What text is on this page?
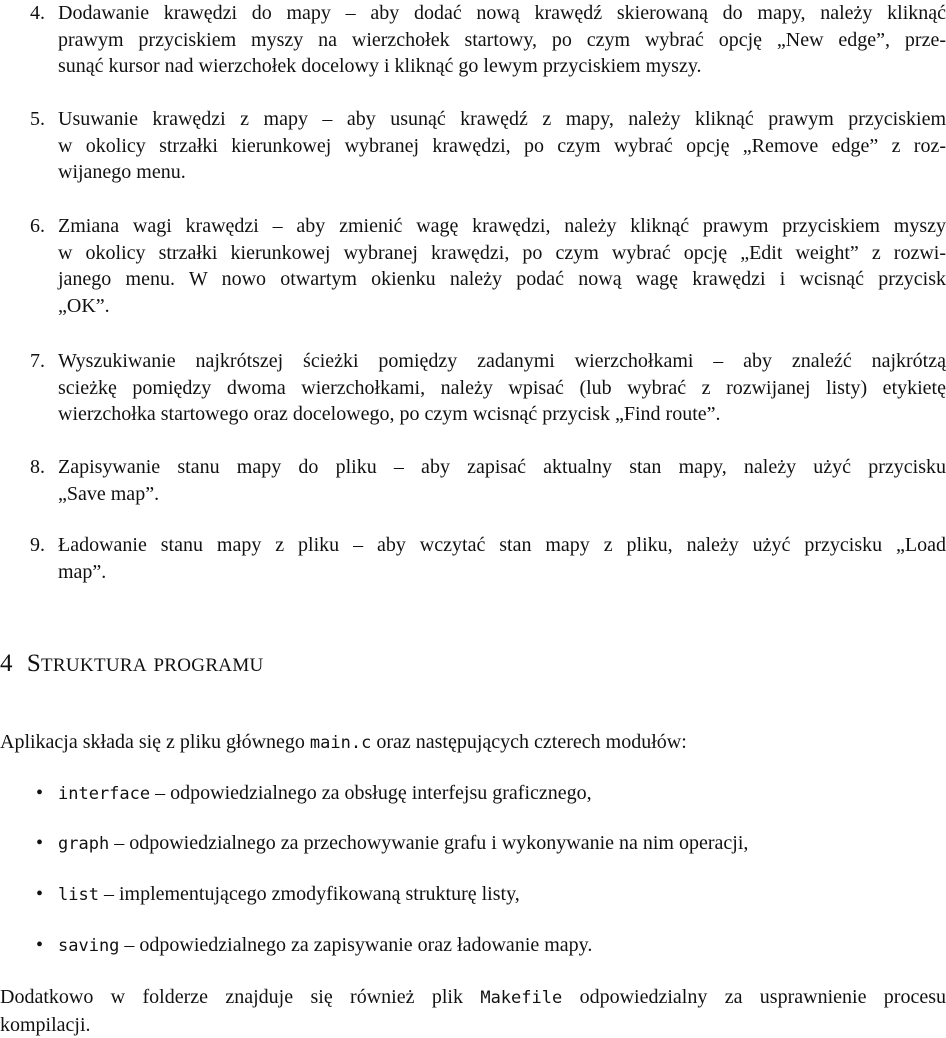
4. Dodawanie krawędzi do mapy – aby dodać nową krawędź skierowaną do mapy, należy kliknąć
prawym przyciskiem myszy na wierzchołek startowy, po czym wybrać opcję „New edge”, prze-
sunąć kursor nad wierzchołek docelowy i kliknąć go lewym przyciskiem myszy.
5. Usuwanie krawędzi z mapy – aby usunąć krawędź z mapy, należy kliknąć prawym przyciskiem
w okolicy strzałki kierunkowej wybranej krawędzi, po czym wybrać opcję „Remove edge” z roz-
wijanego menu.
6. Zmiana wagi krawędzi – aby zmienić wagę krawędzi, należy kliknąć prawym przyciskiem myszy
w okolicy strzałki kierunkowej wybranej krawędzi, po czym wybrać opcję „Edit weight” z rozwi-
janego menu. W nowo otwartym okienku należy podać nową wagę krawędzi i wcisnąć przycisk
„OK”.
7. Wyszukiwanie najkrótszej ścieżki pomiędzy zadanymi wierzchołkami – aby znaleźć najkrótzą
scieżkę pomiędzy dwoma wierzchołkami, należy wpisać (lub wybrać z rozwijanej listy) etykietę
wierzchołka startowego oraz docelowego, po czym wcisnąć przycisk „Find route”.
8. Zapisywanie stanu mapy do pliku – aby zapisać aktualny stan mapy, należy użyć przycisku
„Save map”.
9. Ładowanie stanu mapy z pliku – aby wczytać stan mapy z pliku, należy użyć przycisku „Load
map”.
4 STRUKTURA PROGRAMU
Aplikacja składa się z pliku głównego main.c oraz następujących czterech modułów:
• interface – odpowiedzialnego za obsługę interfejsu graficznego,
• graph – odpowiedzialnego za przechowywanie grafu i wykonywanie na nim operacji,
• list – implementującego zmodyfikowaną strukturę listy,
• saving – odpowiedzialnego za zapisywanie oraz ładowanie mapy.
Dodatkowo w folderze znajduje się również plik Makefile odpowiedzialny za usprawnienie procesu
kompilacji.
